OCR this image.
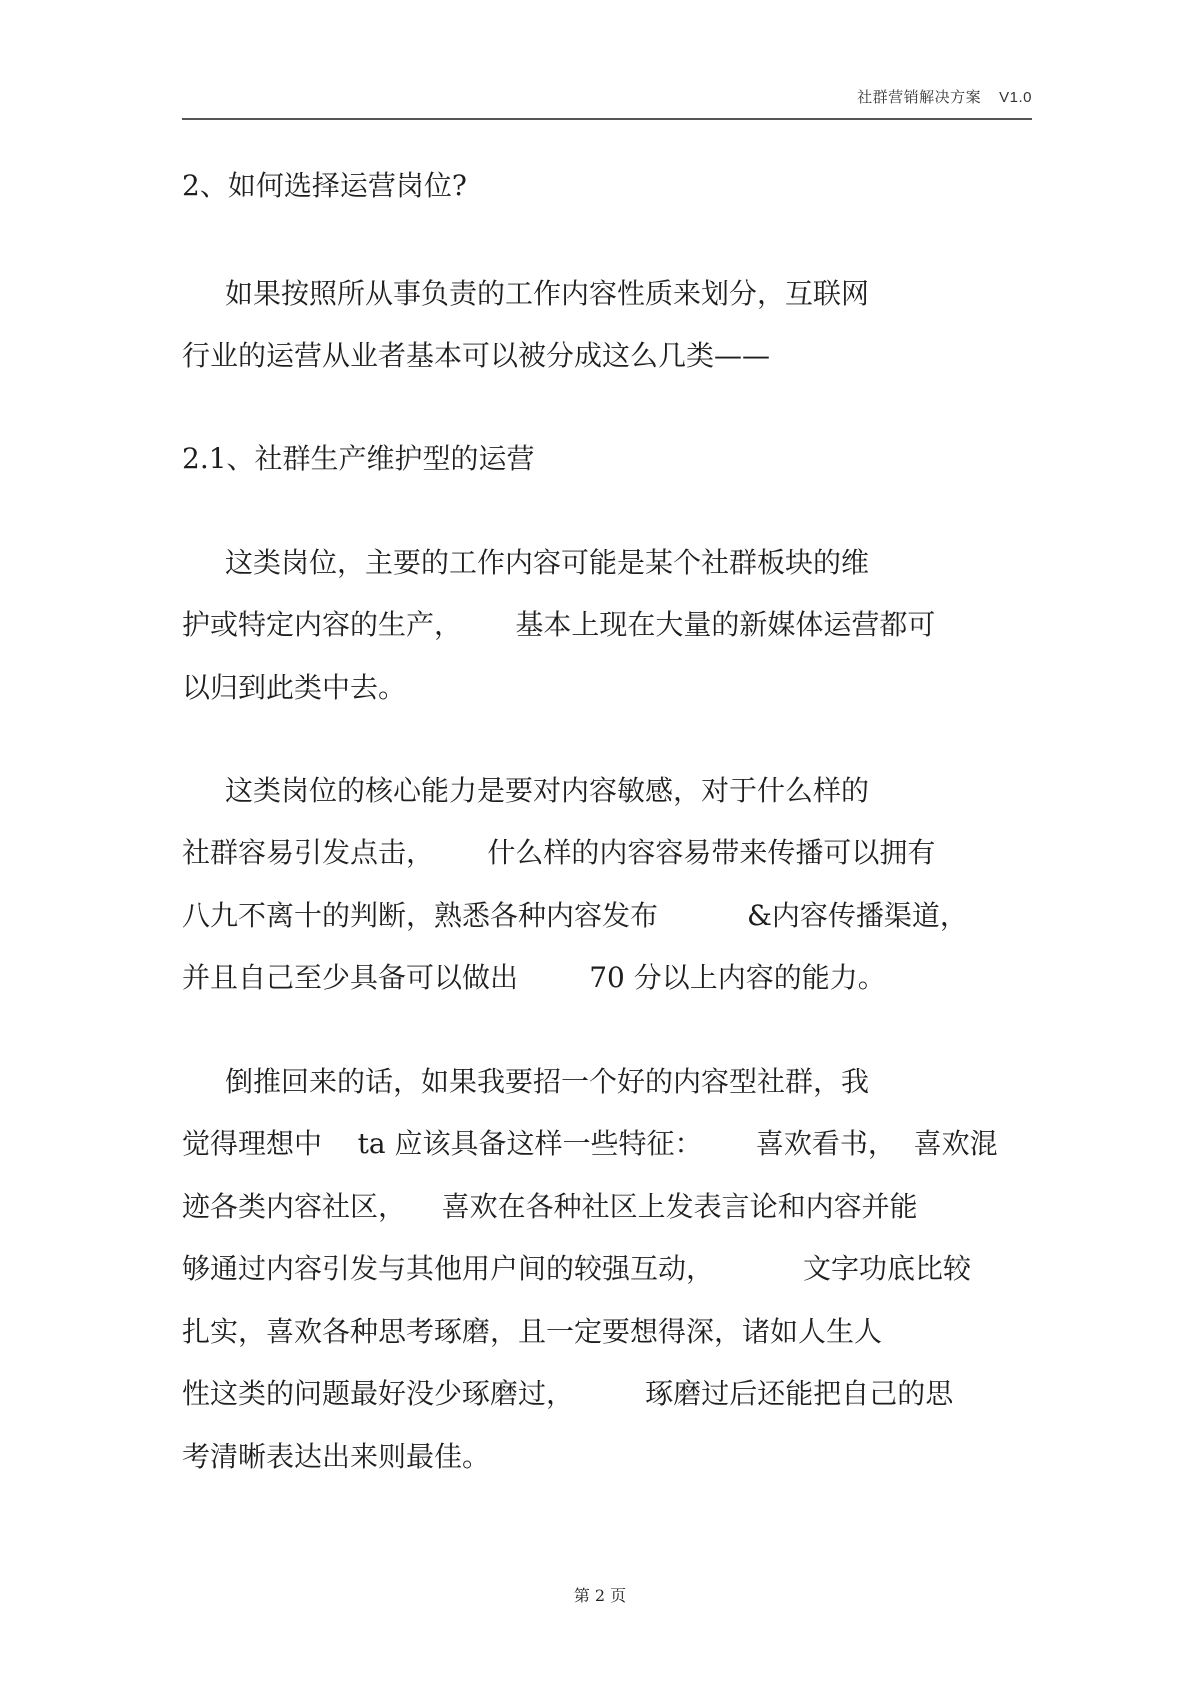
社群营销解决方案 V1.0
2、如何选择运营岗位?
如果按照所从事负责的工作内容性质来划分，互联网
行业的运营从业者基本可以被分成这么几类——
2.1、社群生产维护型的运营
这类岗位，主要的工作内容可能是某个社群板块的维
护或特定内容的生产，      基本上现在大量的新媒体运营都可
以归到此类中去。
这类岗位的核心能力是要对内容敏感，对于什么样的
社群容易引发点击，      什么样的内容容易带来传播可以拥有
八九不离十的判断，熟悉各种内容发布          &内容传播渠道，
并且自己至少具备可以做出        70 分以上内容的能力。
倒推回来的话，如果我要招一个好的内容型社群，我
觉得理想中    ta 应该具备这样一些特征：      喜欢看书，  喜欢混
迹各类内容社区，    喜欢在各种社区上发表言论和内容并能
够通过内容引发与其他用户间的较强互动，          文字功底比较
扎实，喜欢各种思考琢磨，且一定要想得深，诸如人生人
性这类的问题最好没少琢磨过，        琢磨过后还能把自己的思
考清晰表达出来则最佳。
第 2 页
